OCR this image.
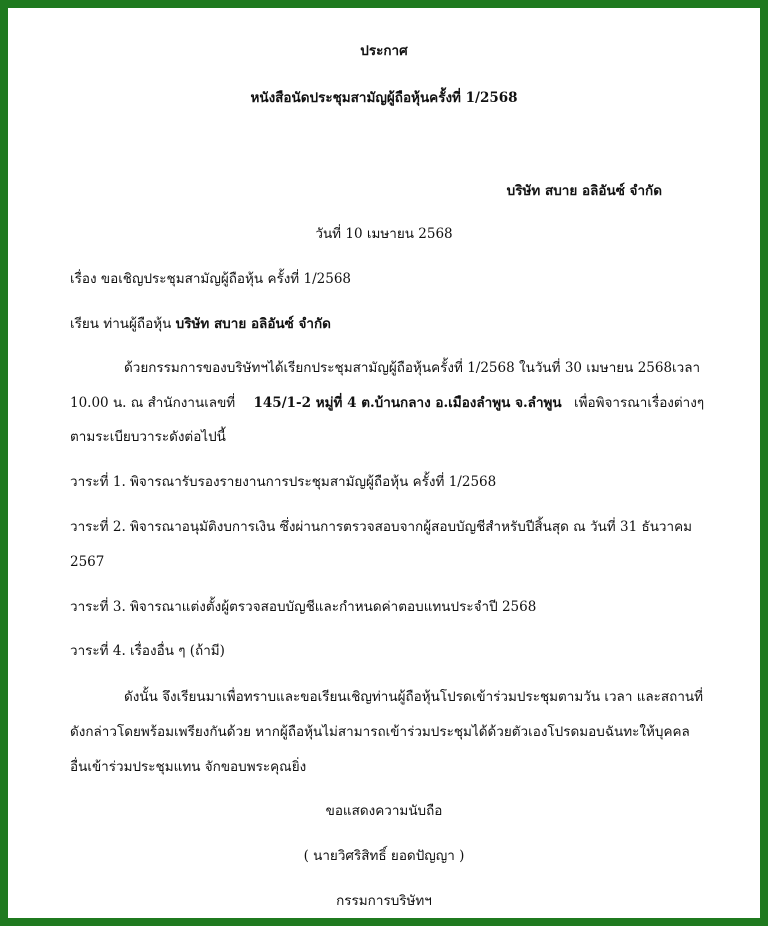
ประกาศ
หนังสือนัดประชุมสามัญผู้ถือหุ้นครั้งที่ 1/2568
บริษัท สบาย อลิอันซ์ จำกัด
วันที่ 10 เมษายน 2568
เรื่อง ขอเชิญประชุมสามัญผู้ถือหุ้น ครั้งที่ 1/2568
เรียน ท่านผู้ถือหุ้น บริษัท สบาย อลิอันซ์ จำกัด
ด้วยกรรมการของบริษัทฯได้เรียกประชุมสามัญผู้ถือหุ้นครั้งที่ 1/2568 ในวันที่ 30 เมษายน 2568เวลา
10.00 น. ณ สำนักงานเลขที่ 145/1-2 หมู่ที่ 4 ต.บ้านกลาง อ.เมืองลำพูน จ.ลำพูน เพื่อพิจารณาเรื่องต่างๆ
ตามระเบียบวาระดังต่อไปนี้
วาระที่ 1. พิจารณารับรองรายงานการประชุมสามัญผู้ถือหุ้น ครั้งที่ 1/2568
วาระที่ 2. พิจารณาอนุมัติงบการเงิน ซึ่งผ่านการตรวจสอบจากผู้สอบบัญชีสำหรับปีสิ้นสุด ณ วันที่ 31 ธันวาคม
2567
วาระที่ 3. พิจารณาแต่งตั้งผู้ตรวจสอบบัญชีและกำหนดค่าตอบแทนประจำปี 2568
วาระที่ 4. เรื่องอื่น ๆ (ถ้ามี)
ดังนั้น จึงเรียนมาเพื่อทราบและขอเรียนเชิญท่านผู้ถือหุ้นโปรดเข้าร่วมประชุมตามวัน เวลา และสถานที่
ดังกล่าวโดยพร้อมเพรียงกันด้วย หากผู้ถือหุ้นไม่สามารถเข้าร่วมประชุมได้ด้วยตัวเองโปรดมอบฉันทะให้บุคคล
อื่นเข้าร่วมประชุมแทน จักขอบพระคุณยิ่ง
ขอแสดงความนับถือ
( นายวิศริสิทธิ์ ยอดปัญญา )
กรรมการบริษัทฯ
